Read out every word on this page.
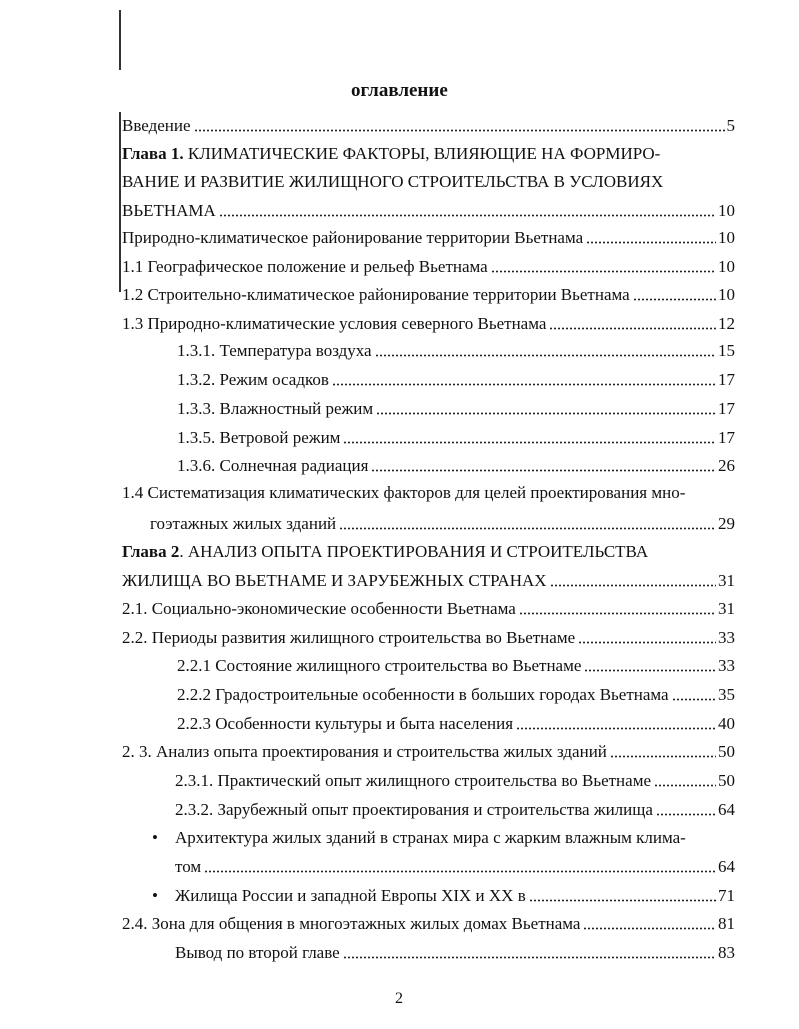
оглавление
Введение	5
Глава 1. КЛИМАТИЧЕСКИЕ ФАКТОРЫ, ВЛИЯЮЩИЕ НА ФОРМИРО-
ВАНИЕ И РАЗВИТИЕ ЖИЛИЩНОГО СТРОИТЕЛЬСТВА В УСЛОВИЯХ
ВЬЕТНАМА	10
Природно-климатическое районирование территории Вьетнама	10
1.1 Географическое положение и рельеф Вьетнама	10
1.2 Строительно-климатическое районирование территории Вьетнама	10
1.3 Природно-климатические условия северного Вьетнама	12
1.3.1. Температура воздуха	15
1.3.2. Режим осадков	17
1.3.3. Влажностный режим	17
1.3.5. Ветровой режим	17
1.3.6. Солнечная радиация	26
1.4 Систематизация климатических факторов для целей проектирования мно-
гоэтажных жилых зданий	29
Глава 2. АНАЛИЗ ОПЫТА ПРОЕКТИРОВАНИЯ И СТРОИТЕЛЬСТВА
ЖИЛИЩА ВО ВЬЕТНАМЕ И ЗАРУБЕЖНЫХ СТРАНАХ	31
2.1. Социально-экономические особенности Вьетнама	31
2.2. Периоды развития жилищного строительства во Вьетнаме	33
2.2.1 Состояние жилищного строительства во Вьетнаме	33
2.2.2 Градостроительные особенности в больших городах Вьетнама	35
2.2.3 Особенности культуры и быта населения	40
2. 3. Анализ опыта проектирования и строительства жилых зданий	50
2.3.1. Практический опыт жилищного строительства во Вьетнаме	50
2.3.2. Зарубежный опыт проектирования и строительства жилища	64
Архитектура жилых зданий в странах мира с жарким влажным клима-
•
том	64
Жилища России и западной Европы XIX и XX в	71
•
2.4. Зона для общения в многоэтажных жилых домах Вьетнама	81
Вывод по второй главе	83
2
